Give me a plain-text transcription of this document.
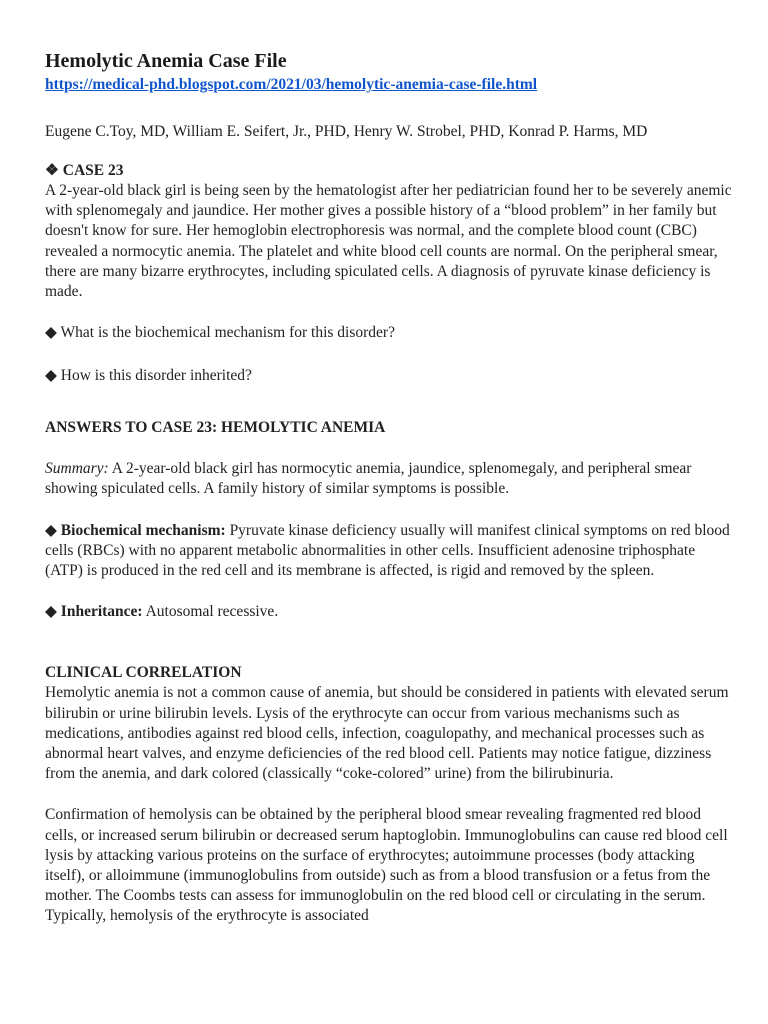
Hemolytic Anemia Case File
https://medical-phd.blogspot.com/2021/03/hemolytic-anemia-case-file.html
Eugene C.Toy, MD, William E. Seifert, Jr., PHD, Henry W. Strobel, PHD, Konrad P. Harms, MD
❖ CASE 23

A 2-year-old black girl is being seen by the hematologist after her pediatrician found her to be severely anemic with splenomegaly and jaundice. Her mother gives a possible history of a “blood problem” in her family but doesn't know for sure. Her hemoglobin electrophoresis was normal, and the complete blood count (CBC) revealed a normocytic anemia. The platelet and white blood cell counts are normal. On the peripheral smear, there are many bizarre erythrocytes, including spiculated cells. A diagnosis of pyruvate kinase deficiency is made.

◆ What is the biochemical mechanism for this disorder?
◆ How is this disorder inherited?
ANSWERS TO CASE 23: HEMOLYTIC ANEMIA
Summary: A 2-year-old black girl has normocytic anemia, jaundice, splenomegaly, and peripheral smear showing spiculated cells. A family history of similar symptoms is possible.
◆ Biochemical mechanism: Pyruvate kinase deficiency usually will manifest clinical symptoms on red blood cells (RBCs) with no apparent metabolic abnormalities in other cells. Insufficient adenosine triphosphate (ATP) is produced in the red cell and its membrane is affected, is rigid and removed by the spleen.
◆ Inheritance: Autosomal recessive.
CLINICAL CORRELATION

Hemolytic anemia is not a common cause of anemia, but should be considered in patients with elevated serum bilirubin or urine bilirubin levels. Lysis of the erythrocyte can occur from various mechanisms such as medications, antibodies against red blood cells, infection, coagulopathy, and mechanical processes such as abnormal heart valves, and enzyme deficiencies of the red blood cell. Patients may notice fatigue, dizziness from the anemia, and dark colored (classically “coke-colored” urine) from the bilirubinuria.

Confirmation of hemolysis can be obtained by the peripheral blood smear revealing fragmented red blood cells, or increased serum bilirubin or decreased serum haptoglobin. Immunoglobulins can cause red blood cell lysis by attacking various proteins on the surface of erythrocytes; autoimmune processes (body attacking itself), or alloimmune (immunoglobulins from outside) such as from a blood transfusion or a fetus from the mother. The Coombs tests can assess for immunoglobulin on the red blood cell or circulating in the serum. Typically, hemolysis of the erythrocyte is associated
